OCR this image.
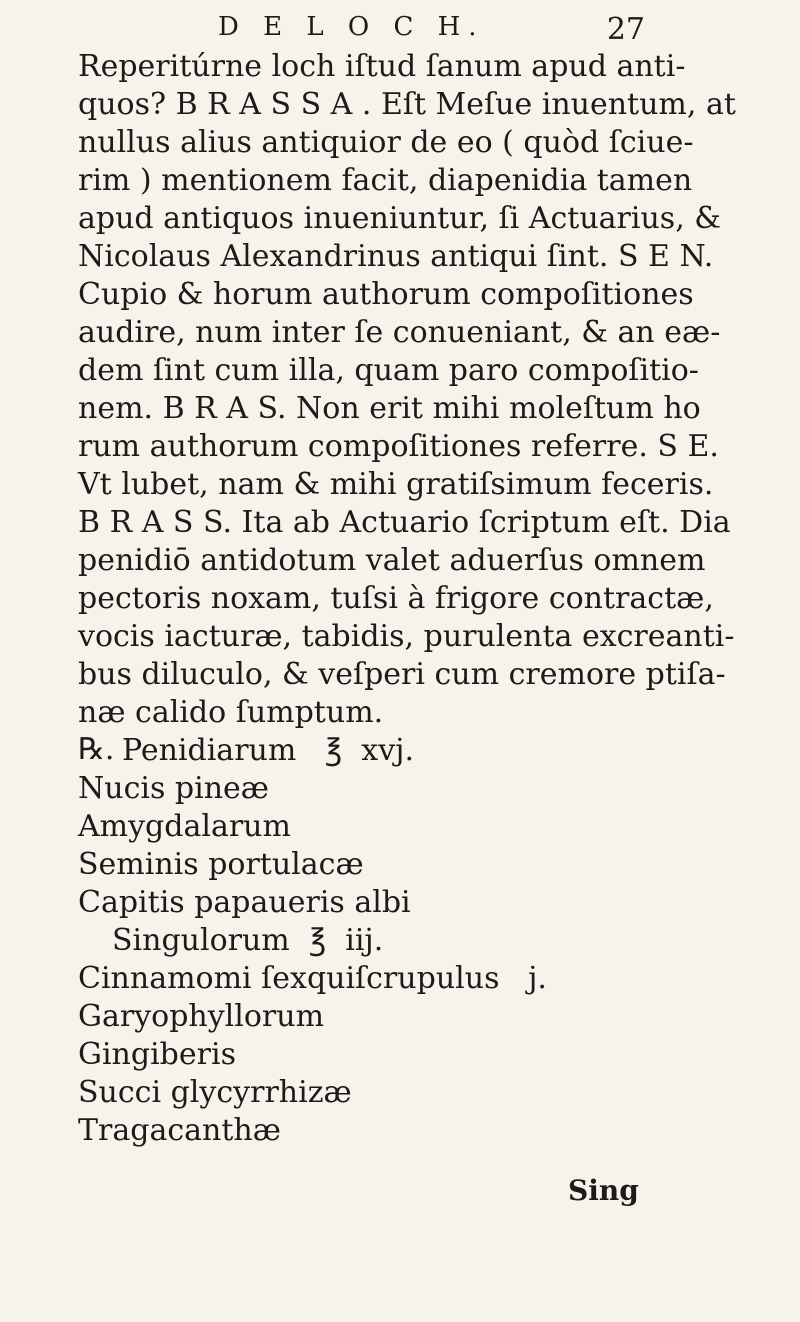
D E L O C H.	27
Reperitúrne loch iſtud ſanum apud anti-
quos? B R A S S A . Eſt Meſue inuentum, at
nullus alius antiquior de eo ( quòd ſciue-
rim ) mentionem facit, diapenidia tamen
apud antiquos inueniuntur, ſi Actuarius, &
Nicolaus Alexandrinus antiqui ſint. S E N.
Cupio & horum authorum compoſitiones
audire, num inter ſe conueniant, & an eæ-
dem ſint cum illa, quam paro compoſitio-
nem. B R A S. Non erit mihi moleſtum ho
rum authorum compoſitiones referre. S E.
Vt lubet, nam & mihi gratiſsimum feceris.
B R A S S. Ita ab Actuario ſcriptum eſt. Dia
penidiō antidotum valet aduerſus omnem
pectoris noxam, tuſsi à frigore contractæ,
vocis iacturæ, tabidis, purulenta excreanti-
bus diluculo, & veſperi cum cremore ptiſa-
næ calido ſumptum.
℞. Penidiarum   ℥  xvj.
Nucis pineæ
Amygdalarum
Seminis portulacæ
Capitis papaueris albi
Singulorum  ℥  iij.
Cinnamomi ſexquiſcrupulus   j.
Garyophyllorum
Gingiberis
Succi glycyrrhizæ
Tragacanthæ
Sing
